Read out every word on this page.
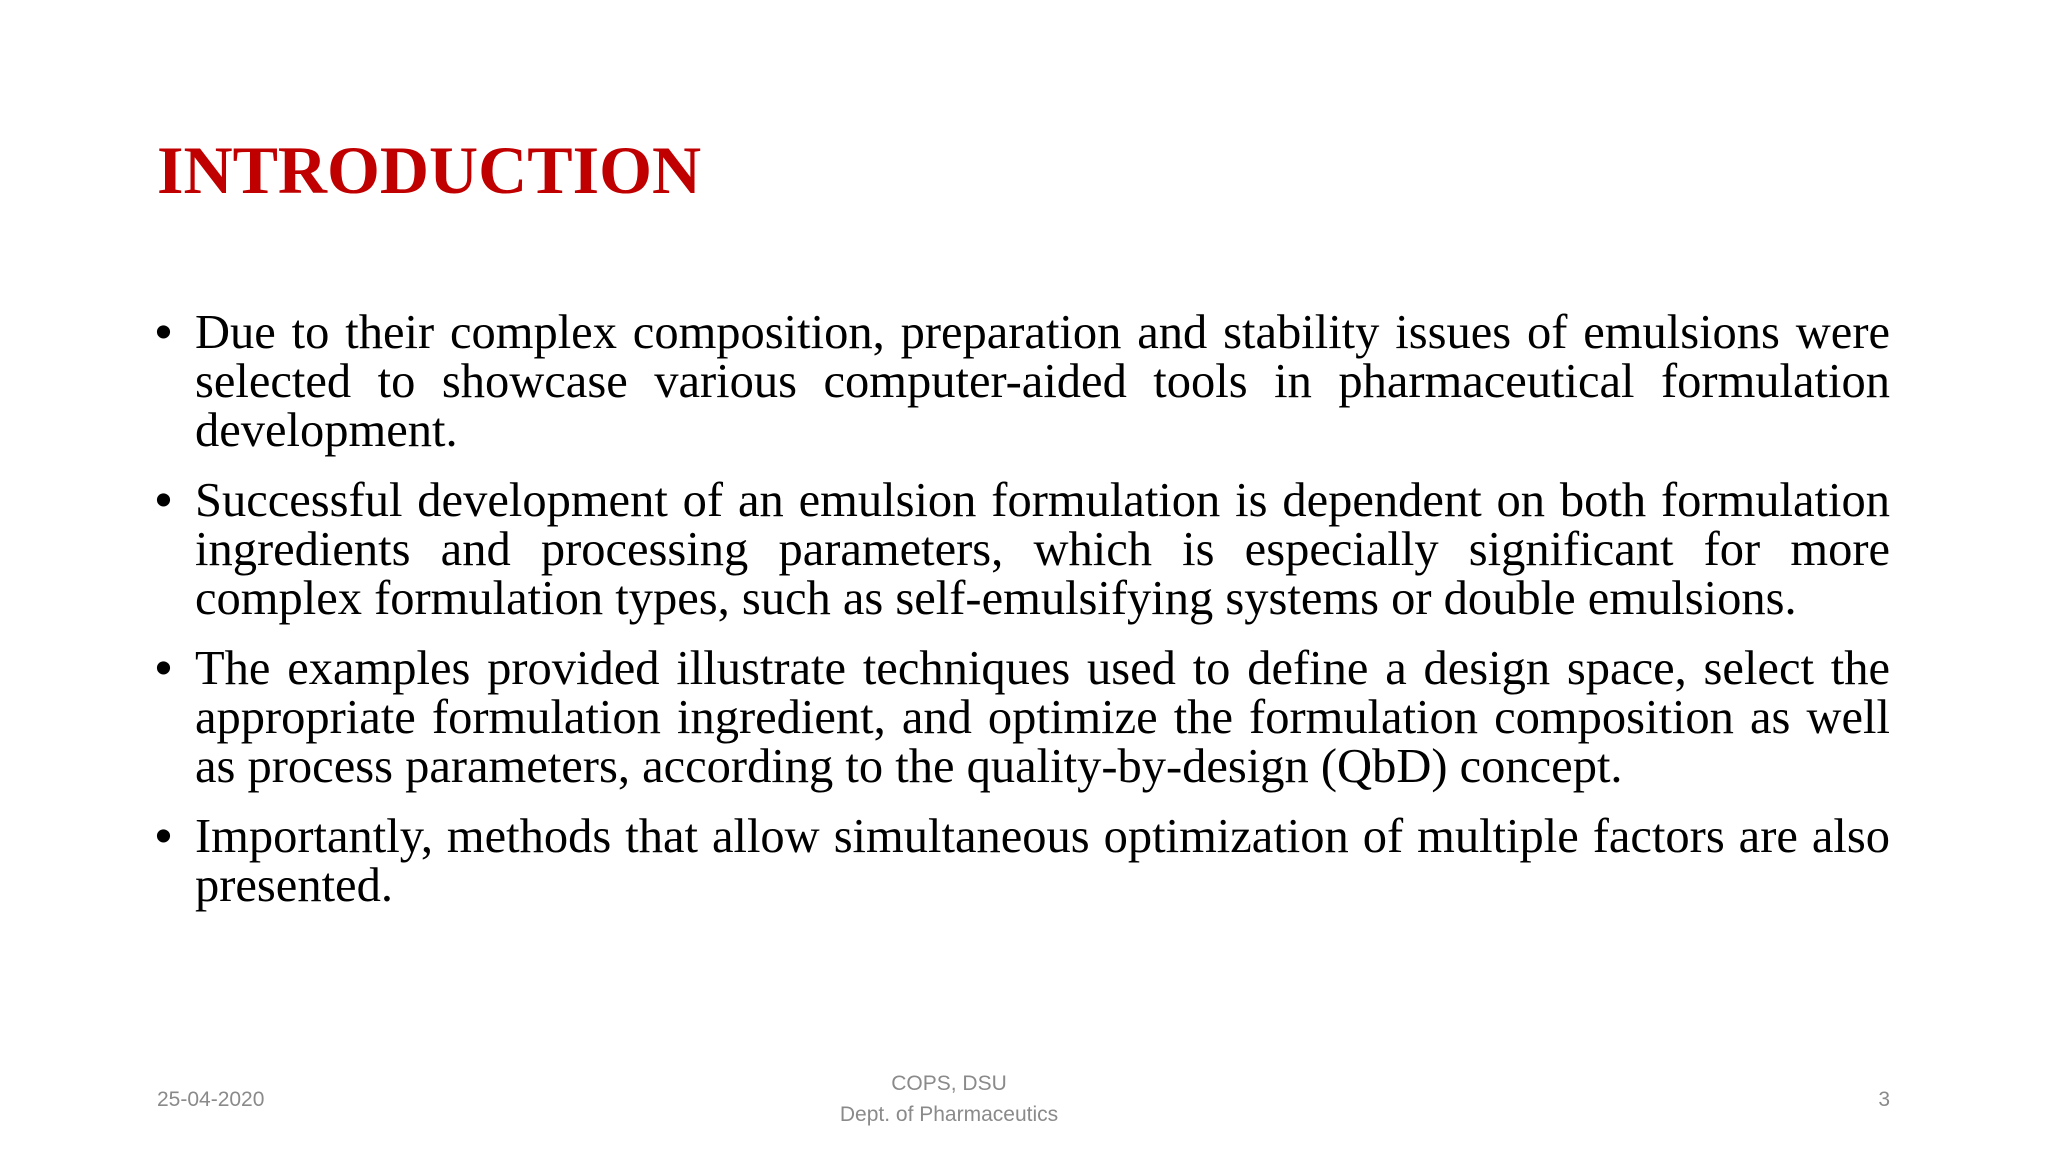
INTRODUCTION
• Due to their complex composition, preparation and stability issues of emulsions were selected to showcase various computer-aided tools in pharmaceutical formulation development.
• Successful development of an emulsion formulation is dependent on both formulation ingredients and processing parameters, which is especially significant for more complex formulation types, such as self-emulsifying systems or double emulsions.
• The examples provided illustrate techniques used to define a design space, select the appropriate formulation ingredient, and optimize the formulation composition as well as process parameters, according to the quality-by-design (QbD) concept.
• Importantly, methods that allow simultaneous optimization of multiple factors are also presented.
25-04-2020
COPS, DSU
Dept. of Pharmaceutics
3
